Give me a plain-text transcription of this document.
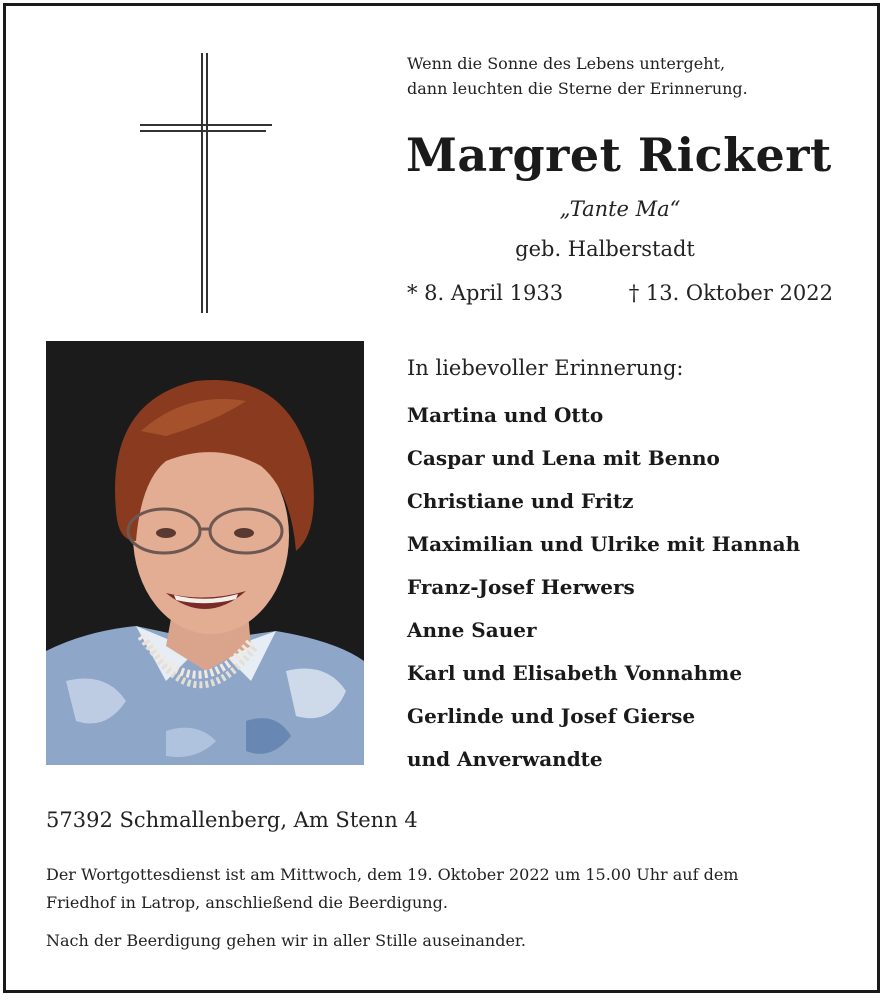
Wenn die Sonne des Lebens untergeht,
dann leuchten die Sterne der Erinnerung.
Margret Rickert
„Tante Ma“
geb. Halberstadt
* 8. April 1933	† 13. Oktober 2022
In liebevoller Erinnerung:
Martina und Otto
Caspar und Lena mit Benno
Christiane und Fritz
Maximilian und Ulrike mit Hannah
Franz-Josef Herwers
Anne Sauer
Karl und Elisabeth Vonnahme
Gerlinde und Josef Gierse
und Anverwandte
57392 Schmallenberg, Am Stenn 4
Der Wortgottesdienst ist am Mittwoch, dem 19. Oktober 2022 um 15.00 Uhr auf dem
Friedhof in Latrop, anschließend die Beerdigung.
Nach der Beerdigung gehen wir in aller Stille auseinander.
